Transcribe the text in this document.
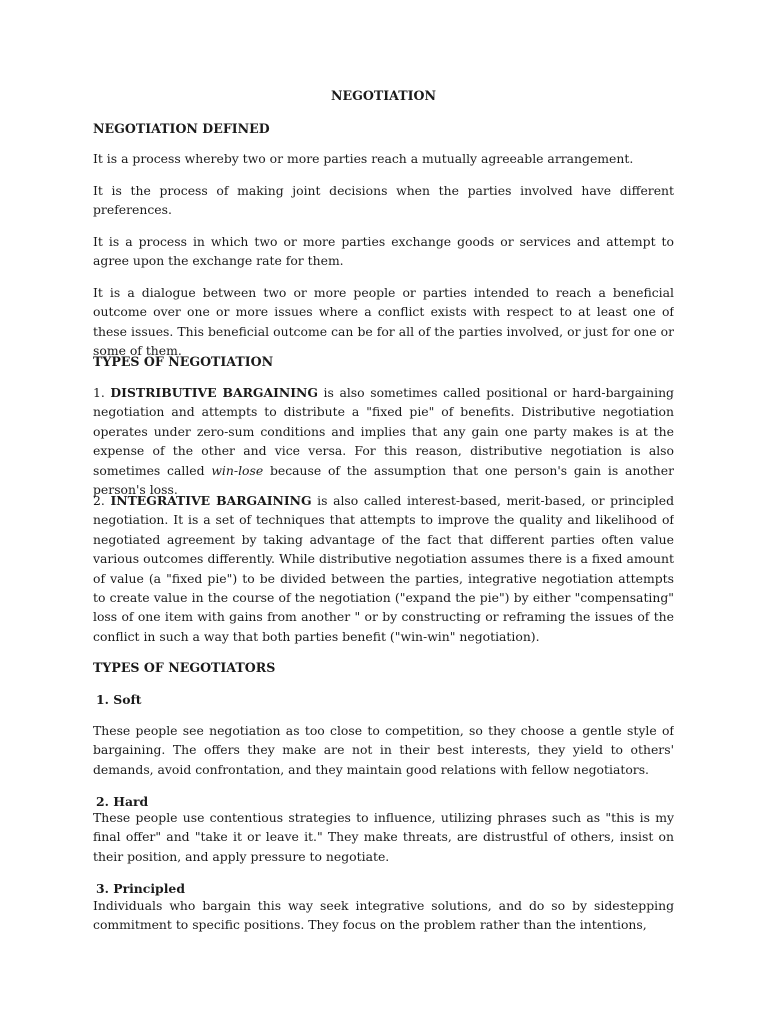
NEGOTIATION
NEGOTIATION DEFINED

It is a process whereby two or more parties reach a mutually agreeable arrangement.

It is the process of making joint decisions when the parties involved have different preferences.

It is a process in which two or more parties exchange goods or services and attempt to agree upon the exchange rate for them.

It is a dialogue between two or more people or parties intended to reach a beneficial outcome over one or more issues where a conflict exists with respect to at least one of these issues. This beneficial outcome can be for all of the parties involved, or just for one or some of them.

TYPES OF NEGOTIATION

1. DISTRIBUTIVE BARGAINING is also sometimes called positional or hard-bargaining negotiation and attempts to distribute a "fixed pie" of benefits. Distributive negotiation operates under zero-sum conditions and implies that any gain one party makes is at the expense of the other and vice versa. For this reason, distributive negotiation is also sometimes called win-lose because of the assumption that one person's gain is another person's loss.

2. INTEGRATIVE BARGAINING is also called interest-based, merit-based, or principled negotiation. It is a set of techniques that attempts to improve the quality and likelihood of negotiated agreement by taking advantage of the fact that different parties often value various outcomes differently. While distributive negotiation assumes there is a fixed amount of value (a "fixed pie") to be divided between the parties, integrative negotiation attempts to create value in the course of the negotiation ("expand the pie") by either "compensating" loss of one item with gains from another " or by constructing or reframing the issues of the conflict in such a way that both parties benefit ("win-win" negotiation).

TYPES OF NEGOTIATORS

1. Soft

These people see negotiation as too close to competition, so they choose a gentle style of bargaining. The offers they make are not in their best interests, they yield to others' demands, avoid confrontation, and they maintain good relations with fellow negotiators.

2. Hard

These people use contentious strategies to influence, utilizing phrases such as "this is my final offer" and "take it or leave it." They make threats, are distrustful of others, insist on their position, and apply pressure to negotiate.

3. Principled

Individuals who bargain this way seek integrative solutions, and do so by sidestepping commitment to specific positions. They focus on the problem rather than the intentions,
